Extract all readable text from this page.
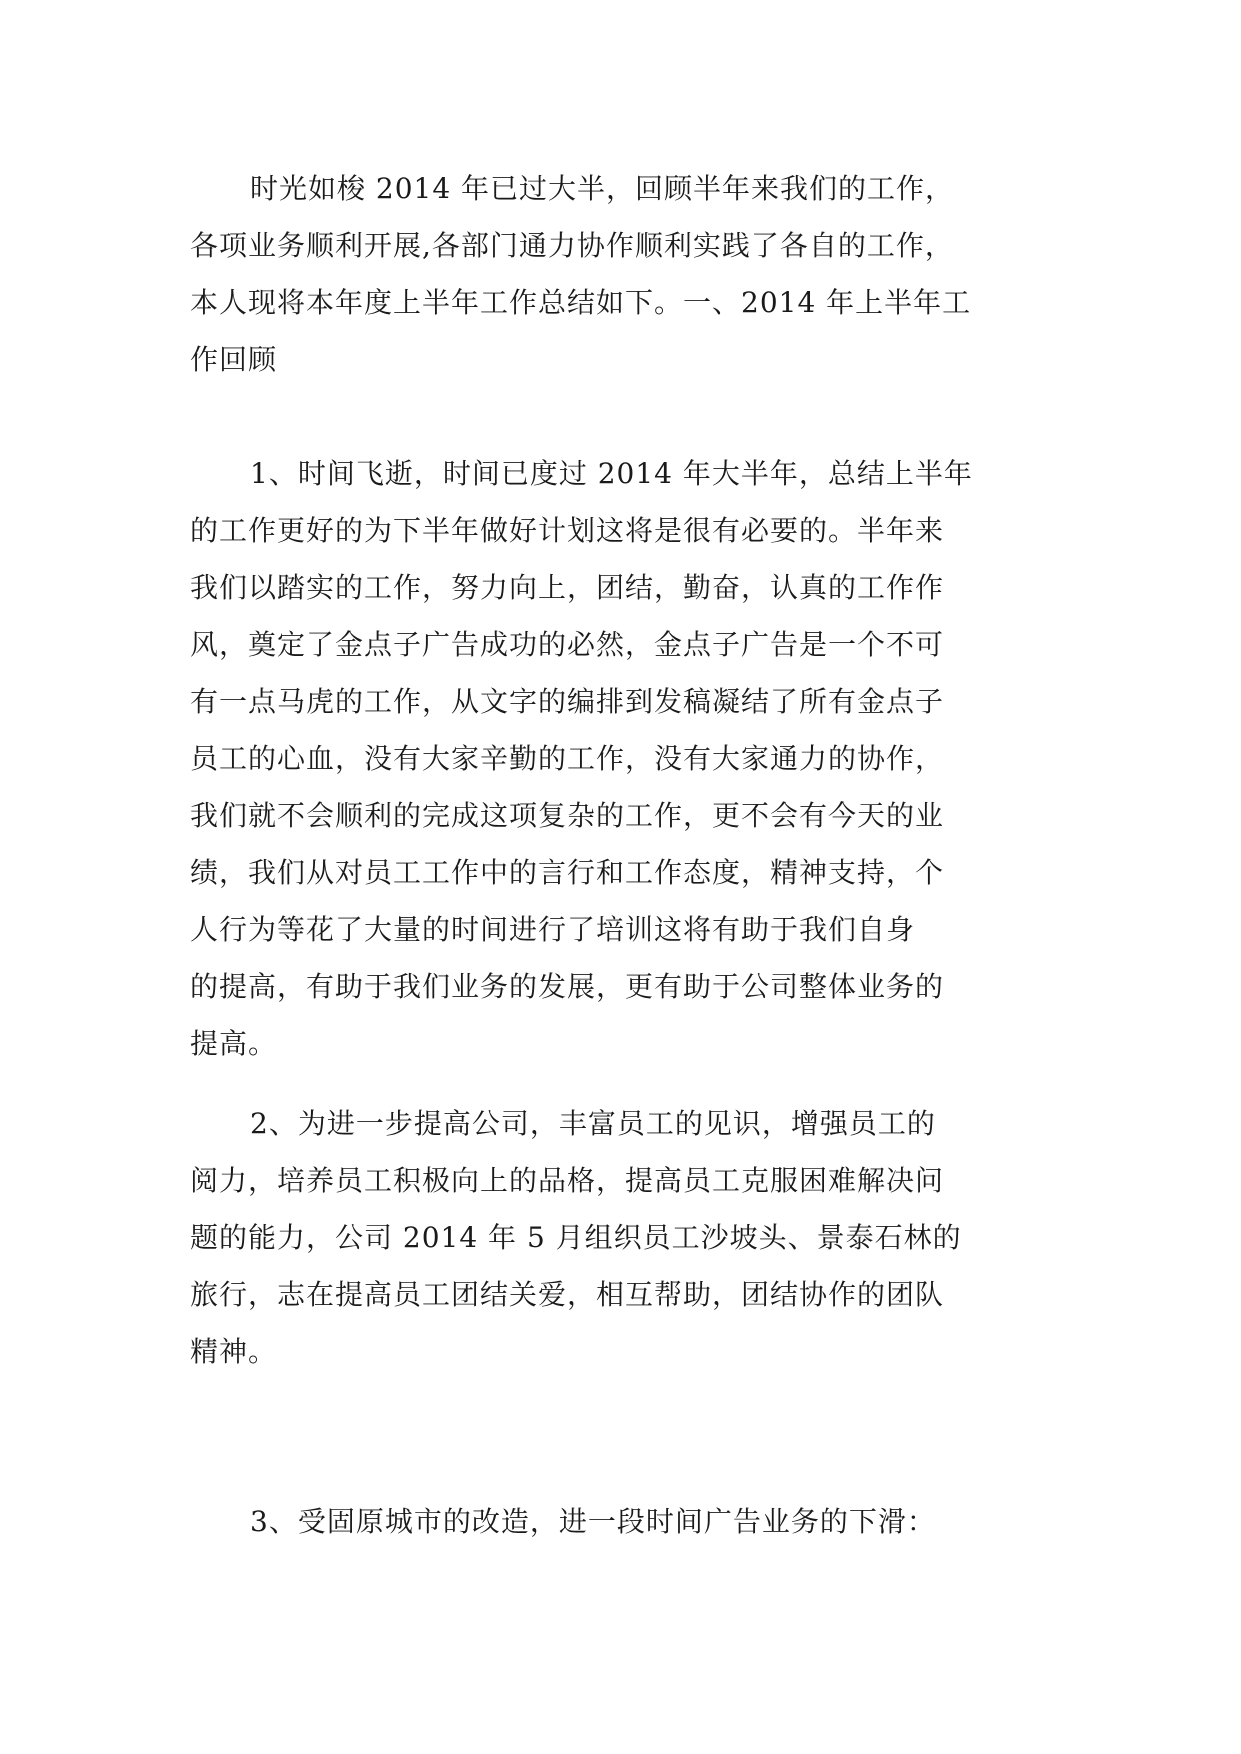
时光如梭 2014 年已过大半，回顾半年来我们的工作，
各项业务顺利开展,各部门通力协作顺利实践了各自的工作，
本人现将本年度上半年工作总结如下。一、2014 年上半年工
作回顾
1、时间飞逝，时间已度过 2014 年大半年，总结上半年
的工作更好的为下半年做好计划这将是很有必要的。半年来
我们以踏实的工作，努力向上，团结，勤奋，认真的工作作
风，奠定了金点子广告成功的必然，金点子广告是一个不可
有一点马虎的工作，从文字的编排到发稿凝结了所有金点子
员工的心血，没有大家辛勤的工作，没有大家通力的协作，
我们就不会顺利的完成这项复杂的工作，更不会有今天的业
绩，我们从对员工工作中的言行和工作态度，精神支持，个
人行为等花了大量的时间进行了培训这将有助于我们自身
的提高，有助于我们业务的发展，更有助于公司整体业务的
提高。
2、为进一步提高公司，丰富员工的见识，增强员工的
阅力，培养员工积极向上的品格，提高员工克服困难解决问
题的能力，公司 2014 年 5 月组织员工沙坡头、景泰石林的
旅行，志在提高员工团结关爱，相互帮助，团结协作的团队
精神。
3、受固原城市的改造，进一段时间广告业务的下滑：
